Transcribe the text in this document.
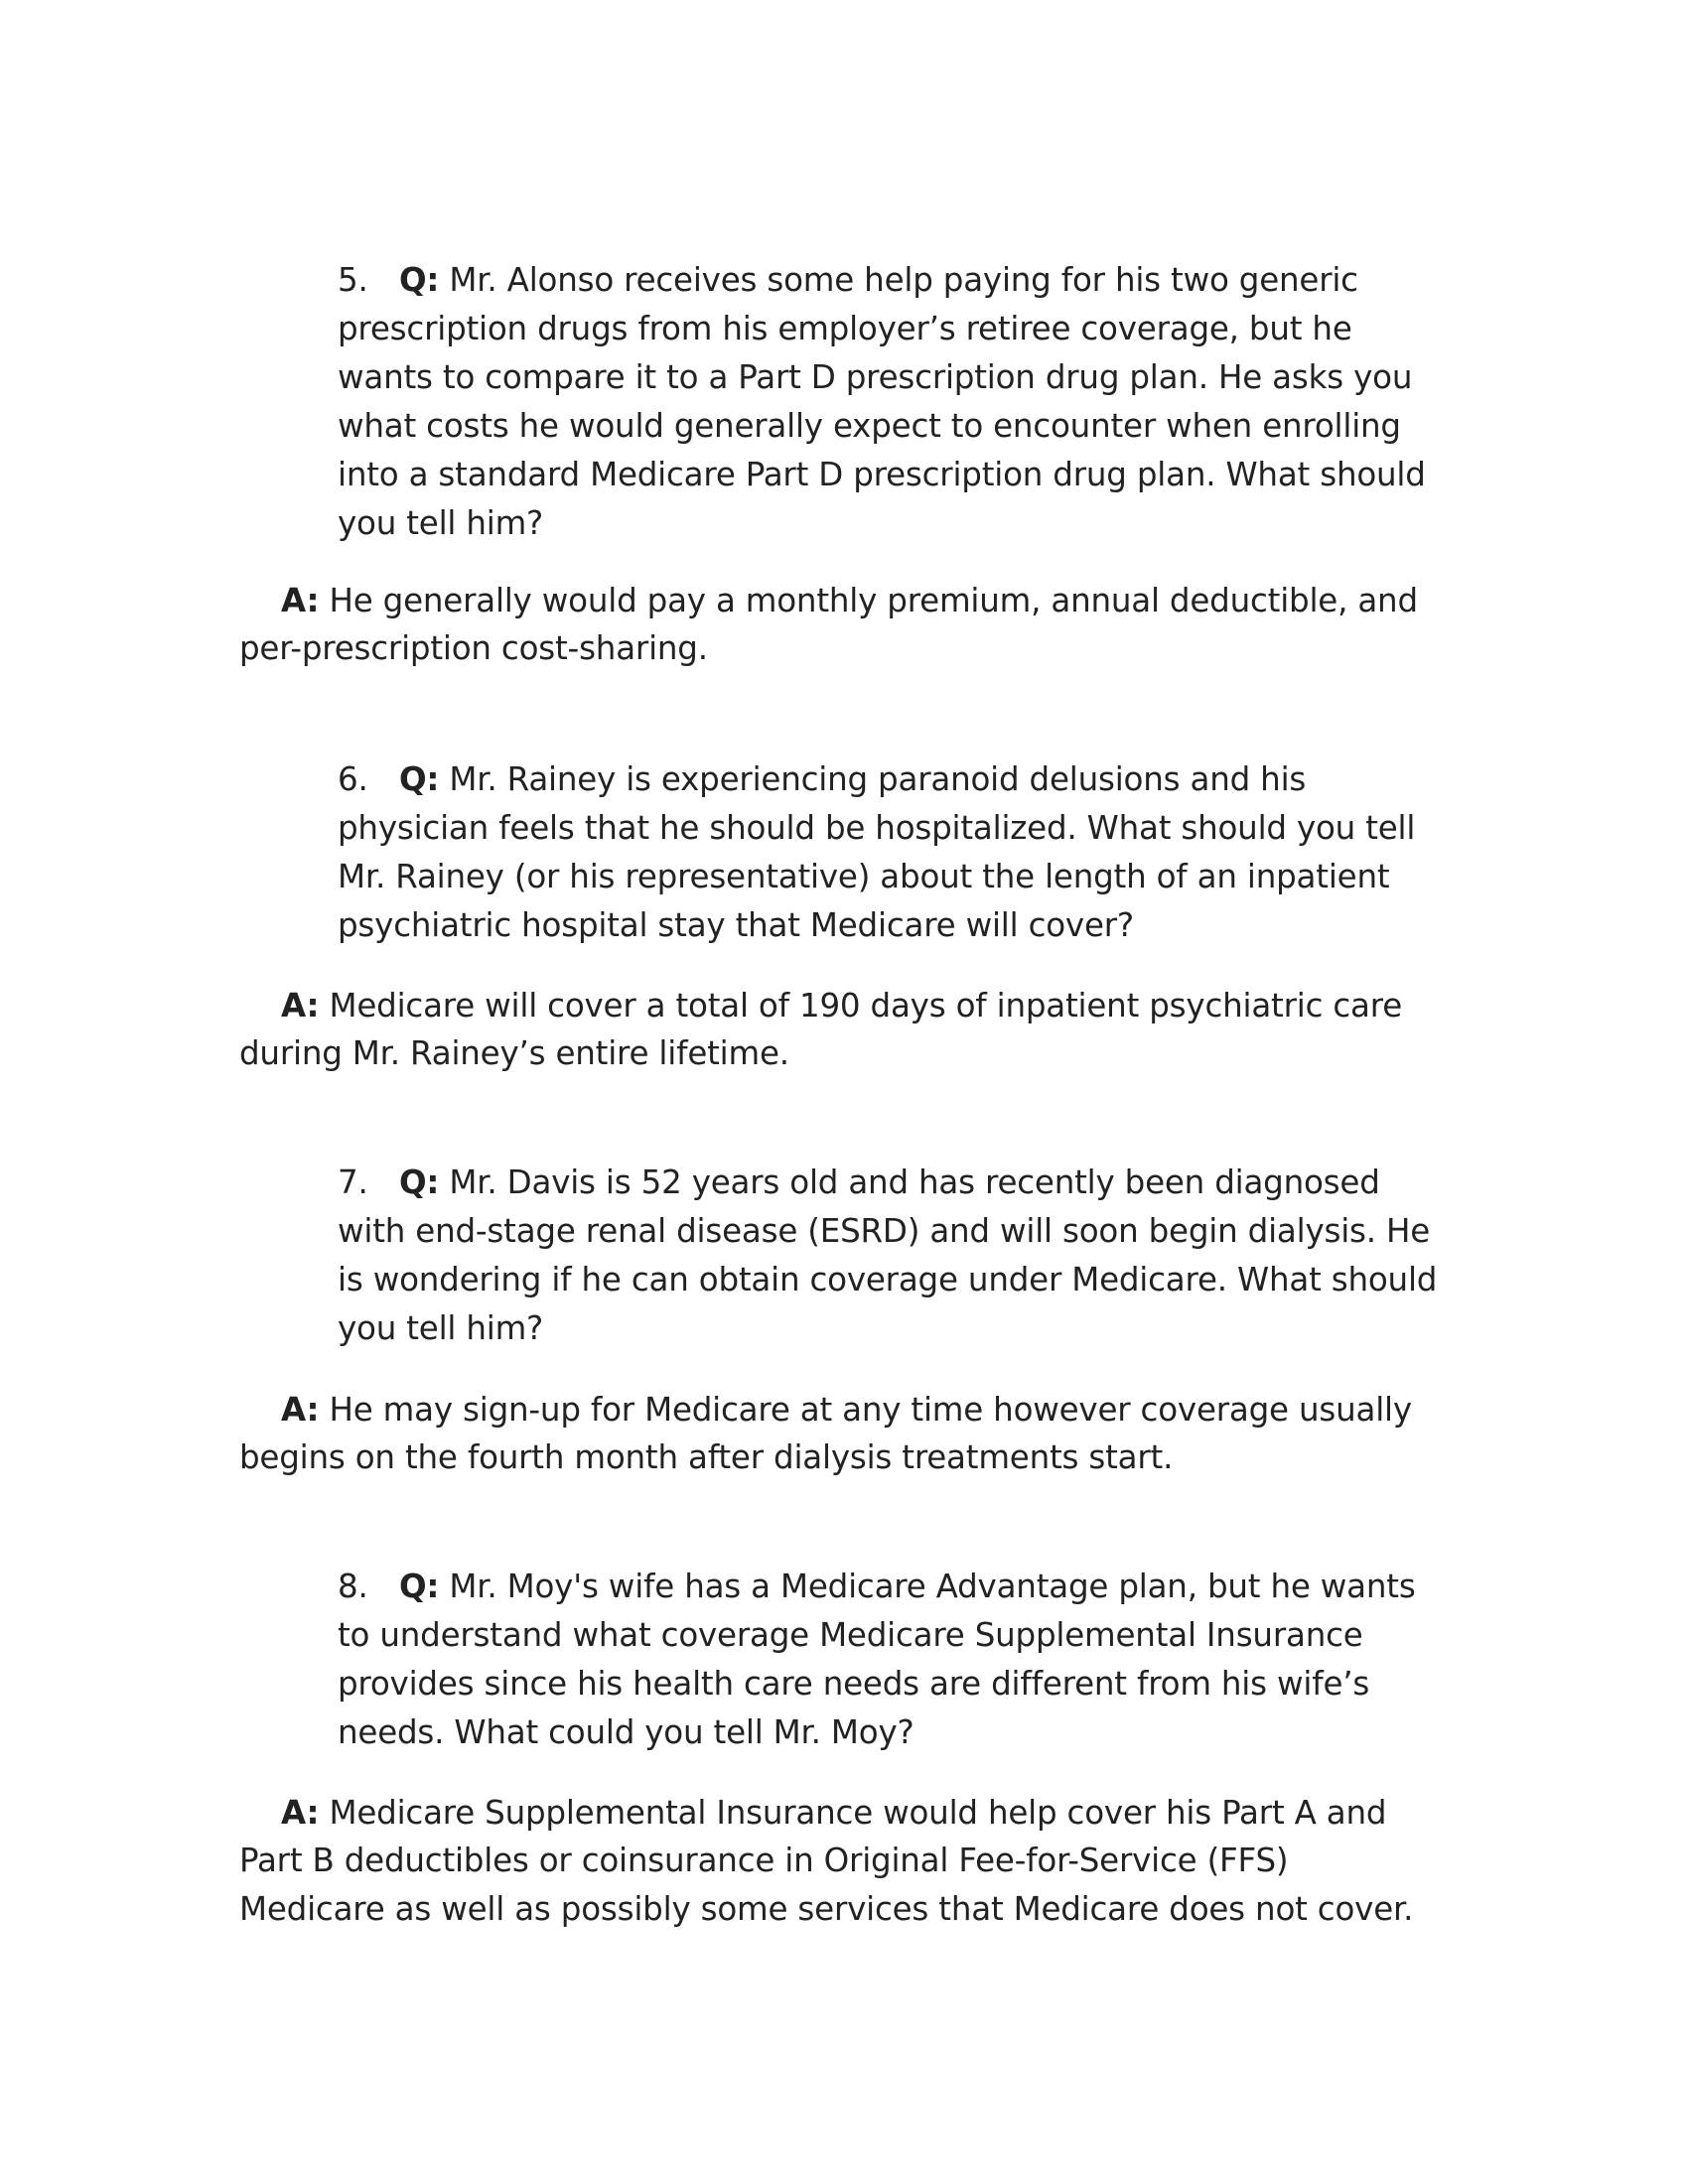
5. Q: Mr. Alonso receives some help paying for his two generic
prescription drugs from his employer’s retiree coverage, but he
wants to compare it to a Part D prescription drug plan. He asks you
what costs he would generally expect to encounter when enrolling
into a standard Medicare Part D prescription drug plan. What should
you tell him?
A: He generally would pay a monthly premium, annual deductible, and
per-prescription cost-sharing.
6. Q: Mr. Rainey is experiencing paranoid delusions and his
physician feels that he should be hospitalized. What should you tell
Mr. Rainey (or his representative) about the length of an inpatient
psychiatric hospital stay that Medicare will cover?
A: Medicare will cover a total of 190 days of inpatient psychiatric care
during Mr. Rainey’s entire lifetime.
7. Q: Mr. Davis is 52 years old and has recently been diagnosed
with end-stage renal disease (ESRD) and will soon begin dialysis. He
is wondering if he can obtain coverage under Medicare. What should
you tell him?
A: He may sign-up for Medicare at any time however coverage usually
begins on the fourth month after dialysis treatments start.
8. Q: Mr. Moy's wife has a Medicare Advantage plan, but he wants
to understand what coverage Medicare Supplemental Insurance
provides since his health care needs are different from his wife’s
needs. What could you tell Mr. Moy?
A: Medicare Supplemental Insurance would help cover his Part A and
Part B deductibles or coinsurance in Original Fee-for-Service (FFS)
Medicare as well as possibly some services that Medicare does not cover.
